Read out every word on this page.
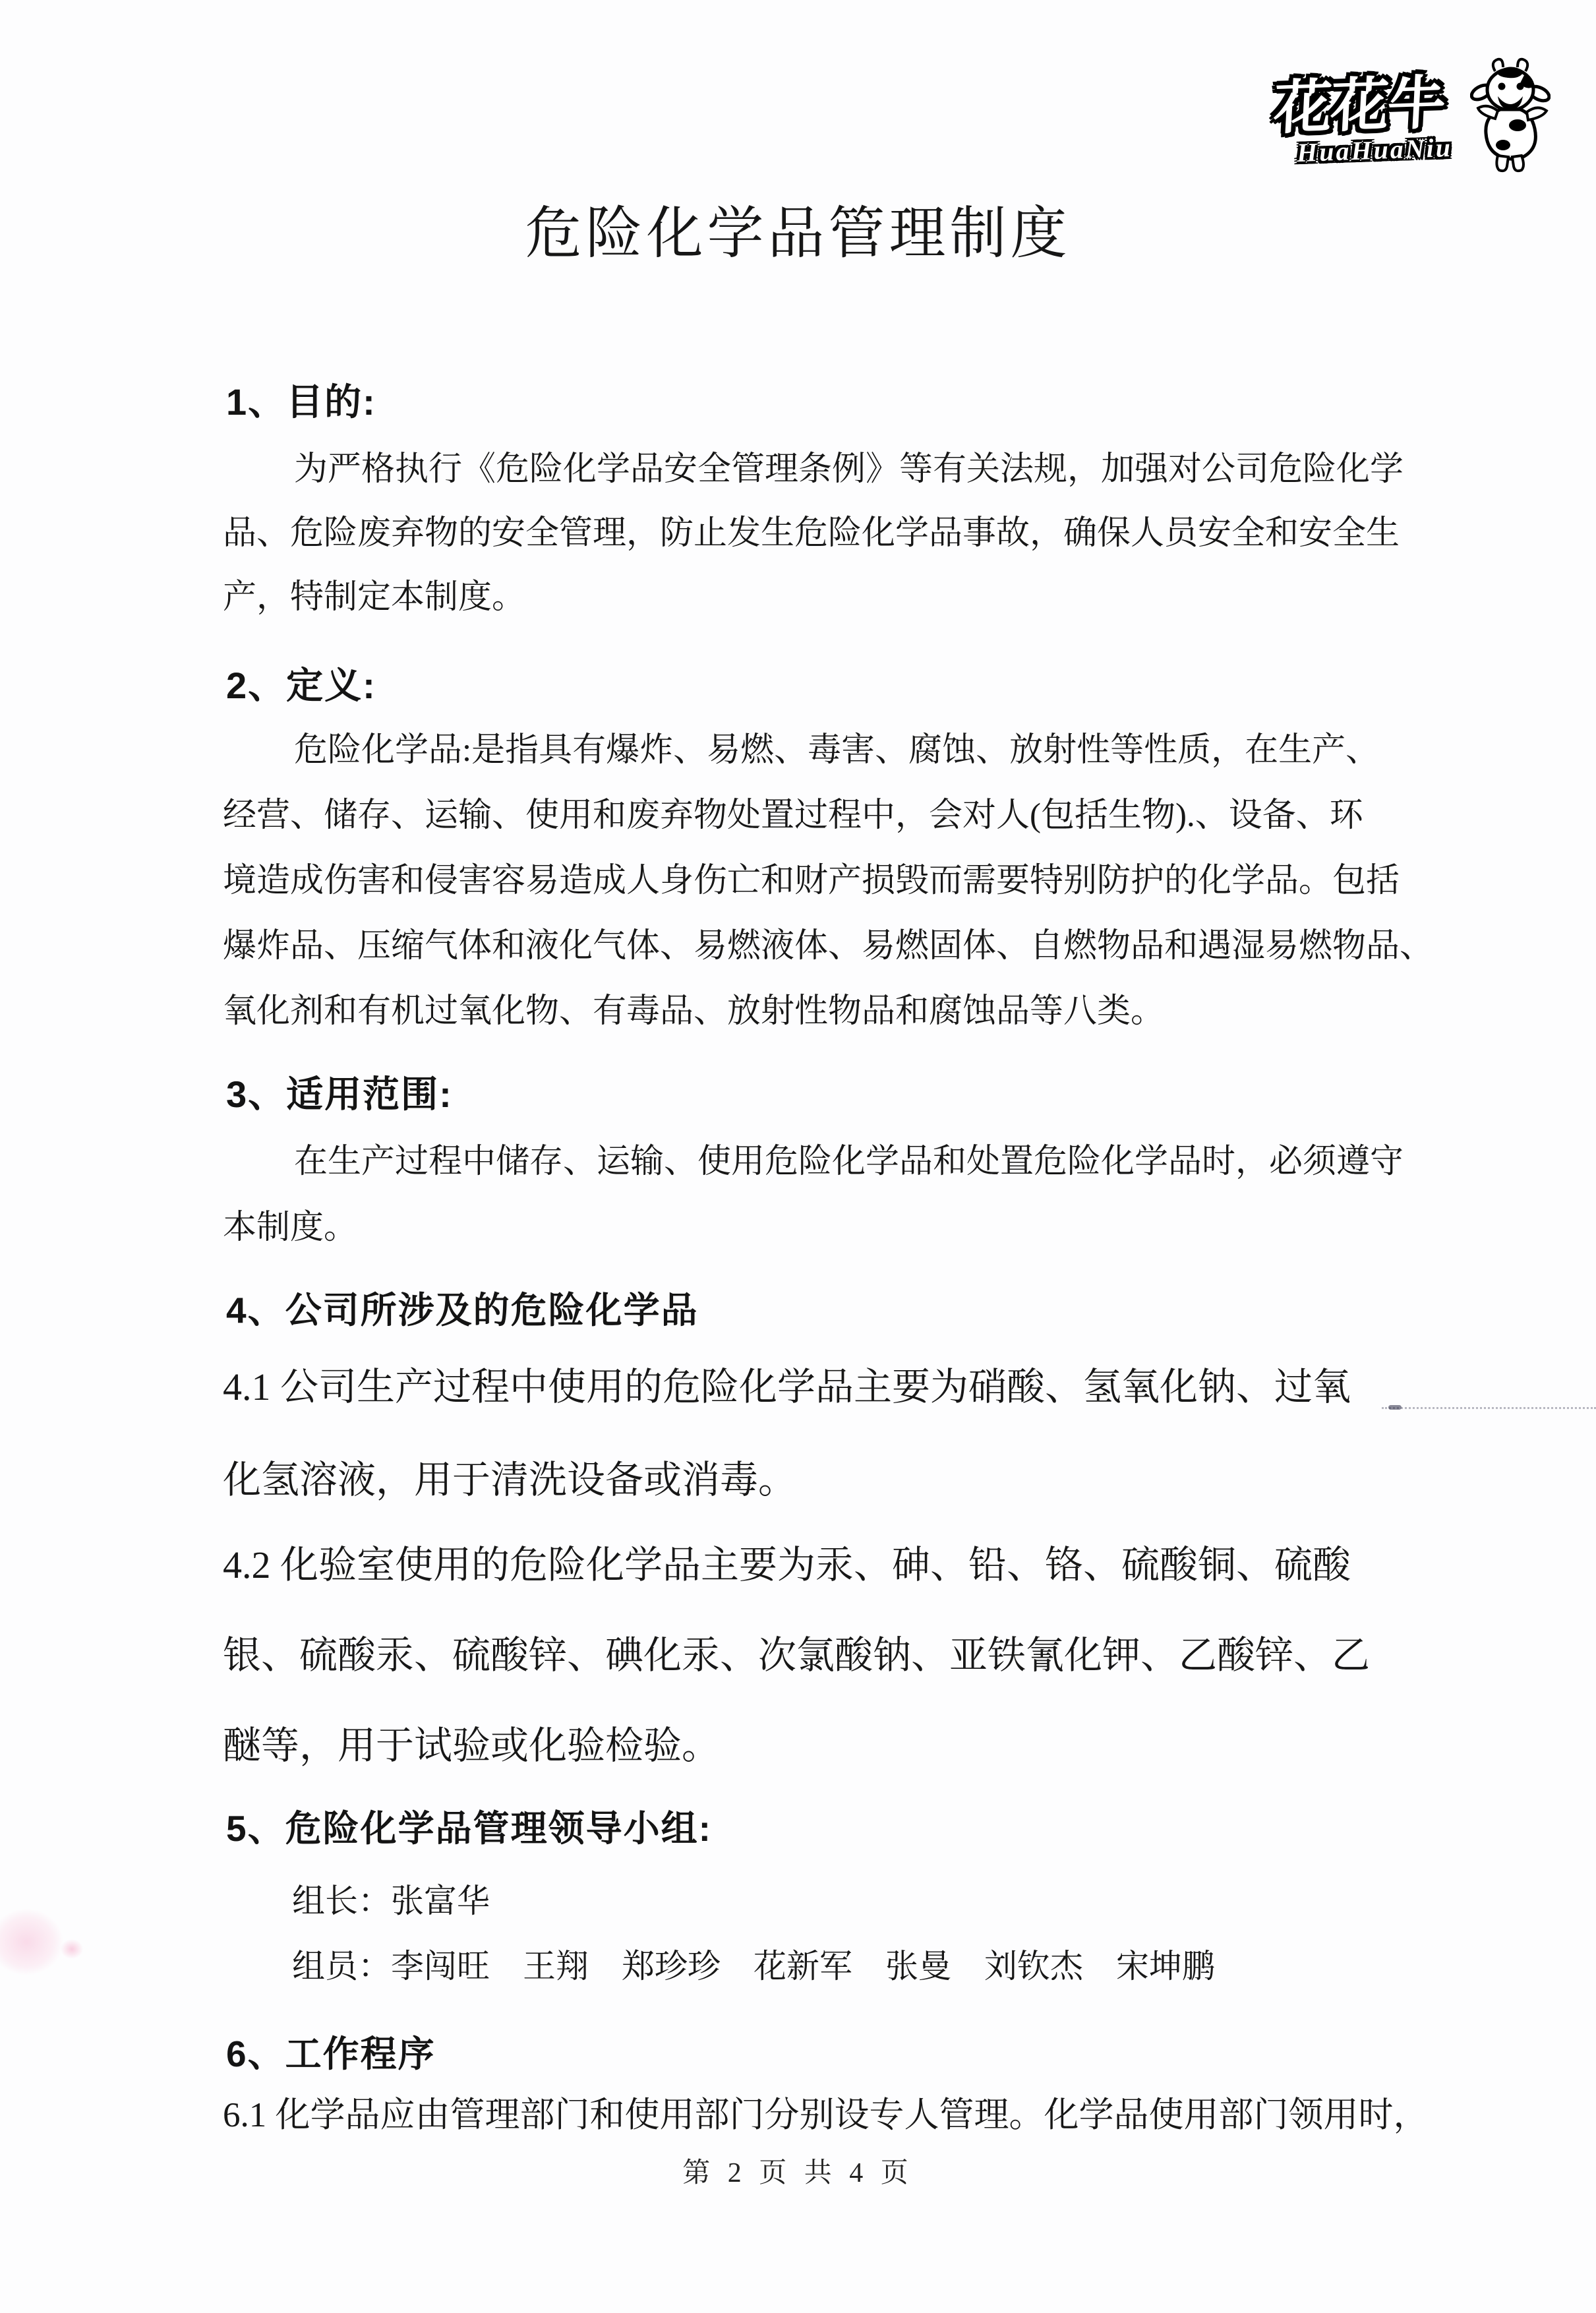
花花牛
HuaHuaNiu
危险化学品管理制度
1、目的:
为严格执行《危险化学品安全管理条例》等有关法规，加强对公司危险化学
品、危险废弃物的安全管理，防止发生危险化学品事故，确保人员安全和安全生
产，特制定本制度。
2、定义:
危险化学品:是指具有爆炸、易燃、毒害、腐蚀、放射性等性质，在生产、
经营、储存、运输、使用和废弃物处置过程中，会对人(包括生物).、设备、环
境造成伤害和侵害容易造成人身伤亡和财产损毁而需要特别防护的化学品。包括
爆炸品、压缩气体和液化气体、易燃液体、易燃固体、自燃物品和遇湿易燃物品、
氧化剂和有机过氧化物、有毒品、放射性物品和腐蚀品等八类。
3、适用范围:
在生产过程中储存、运输、使用危险化学品和处置危险化学品时，必须遵守
本制度。
4、公司所涉及的危险化学品
4.1 公司生产过程中使用的危险化学品主要为硝酸、氢氧化钠、过氧
化氢溶液，用于清洗设备或消毒。
4.2 化验室使用的危险化学品主要为汞、砷、铅、铬、硫酸铜、硫酸
银、硫酸汞、硫酸锌、碘化汞、次氯酸钠、亚铁氰化钾、乙酸锌、乙
醚等，用于试验或化验检验。
5、危险化学品管理领导小组:
组长：张富华
组员：李闯旺　王翔　郑珍珍　花新军　张曼　刘钦杰　宋坤鹏
6、工作程序
6.1 化学品应由管理部门和使用部门分别设专人管理。化学品使用部门领用时，
第 2 页 共 4 页
